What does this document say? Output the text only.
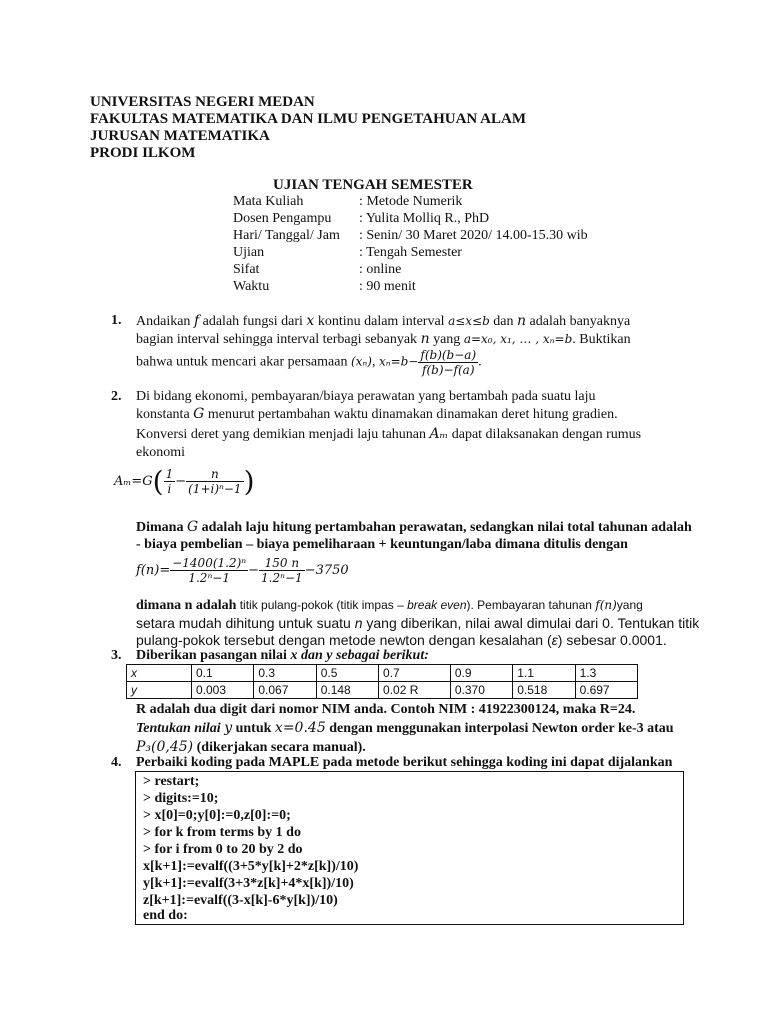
UNIVERSITAS NEGERI MEDAN
FAKULTAS MATEMATIKA DAN ILMU PENGETAHUAN ALAM
JURUSAN MATEMATIKA
PRODI ILKOM
UJIAN TENGAH SEMESTER
Mata Kuliah	: Metode Numerik
Dosen Pengampu : Yulita Molliq R., PhD
Hari/ Tanggal/ Jam : Senin/ 30 Maret 2020/ 14.00-15.30 wib
Ujian	: Tengah Semester
Sifat	: online
Waktu	: 90 menit
1. Andaikan f adalah fungsi dari x kontinu dalam interval a≤x≤b dan n adalah banyaknya
bagian interval sehingga interval terbagi sebanyak n yang a=x₀, x₁, … , xₙ=b. Buktikan
bahwa untuk mencari akar persamaan (xₙ), $x_n=b- \frac{f(b)(b-a)}{f(b)-f(a)}$ .
2. Di bidang ekonomi, pembayaran/biaya perawatan yang bertambah pada suatu laju
konstanta G menurut pertambahan waktu dinamakan dinamakan deret hitung gradien.
Konversi deret yang demikian menjadi laju tahunan Aₘ dapat dilaksanakan dengan rumus
ekonomi
$A_m=G( \frac{1}{i} - \frac{n}{\text{(1+i)ⁿ−1}}$ )
Dimana G adalah laju hitung pertambahan perawatan, sedangkan nilai total tahunan adalah
- biaya pembelian – biaya pemeliharaan + keuntungan/laba dimana ditulis dengan
$f(n)= \frac{\text{−1400(1.2)ⁿ}}{\text{1.2ⁿ−1}} - \frac{150 n}{\text{1.2ⁿ−1}} -3750$
dimana n adalah titik pulang-pokok (titik impas – break even). Pembayaran tahunan f(n)yang
setara mudah dihitung untuk suatu n yang diberikan, nilai awal dimulai dari 0. Tentukan titik
pulang-pokok tersebut dengan metode newton dengan kesalahan (ε) sebesar 0.0001.
3. Diberikan pasangan nilai x dan y sebagai berikut:
x	0.1	0.3	0.5	0.7	0.9	1.1	1.3
y	0.003	0.067	0.148	0.02 R	0.370	0.518	0.697
R adalah dua digit dari nomor NIM anda. Contoh NIM : 41922300124, maka R=24.
Tentukan nilai y untuk x=0.45 dengan menggunakan interpolasi Newton order ke-3 atau
P₃(0,45) (dikerjakan secara manual).
4. Perbaiki koding pada MAPLE pada metode berikut sehingga koding ini dapat dijalankan
> restart;
> digits:=10;
> x[0]=0;y[0]:=0,z[0]:=0;
> for k from terms by 1 do
> for i from 0 to 20 by 2 do
x[k+1]:=evalf((3+5*y[k]+2*z[k])/10)
y[k+1]:=evalf(3+3*z[k]+4*x[k])/10)
z[k+1]:=evalf((3-x[k]-6*y[k])/10)
end do:
